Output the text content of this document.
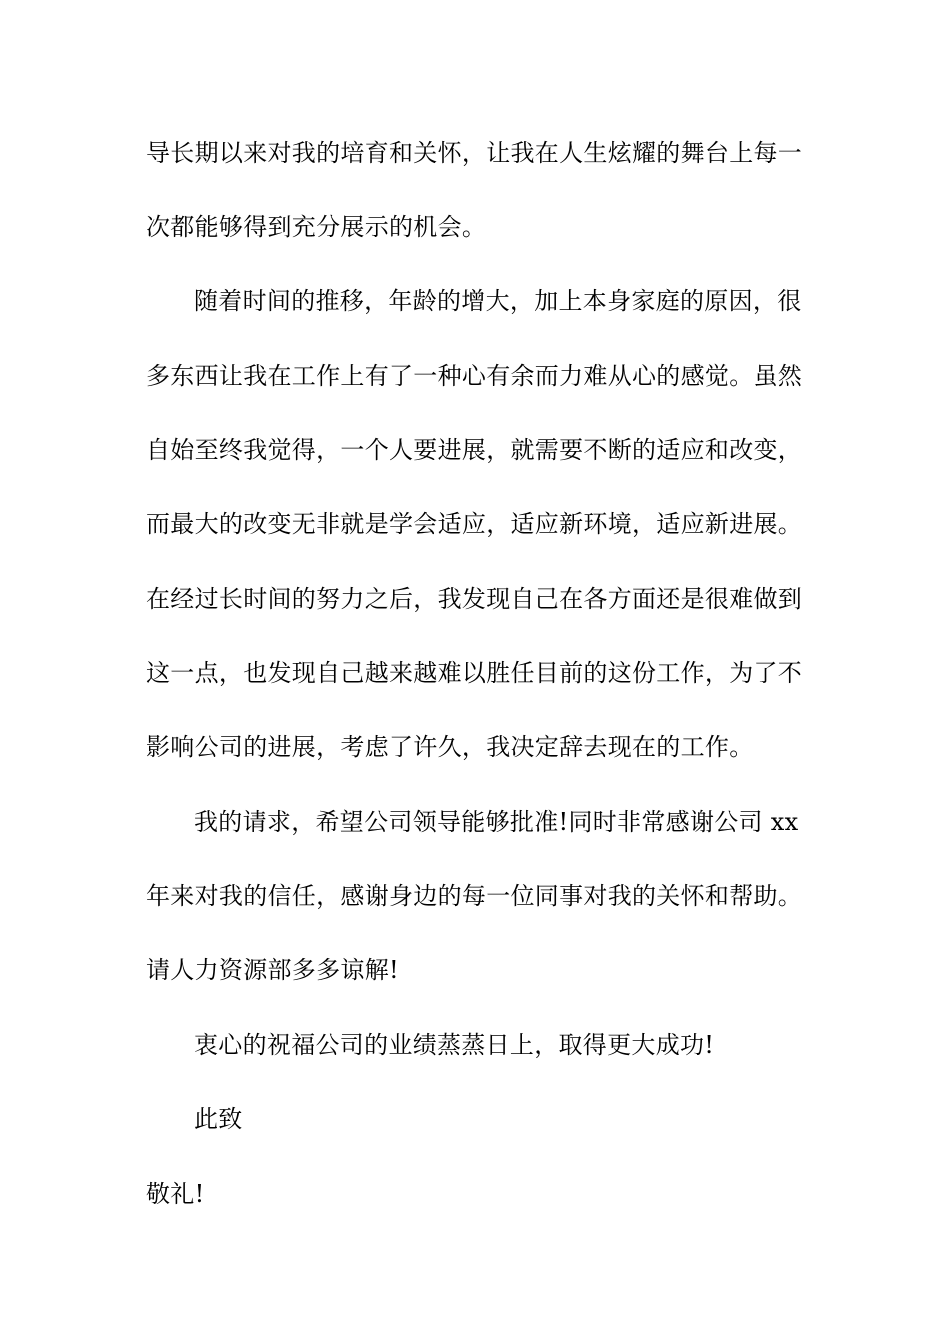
导长期以来对我的培育和关怀，让我在人生炫耀的舞台上每一
次都能够得到充分展示的机会。
随着时间的推移，年龄的增大，加上本身家庭的原因，很
多东西让我在工作上有了一种心有余而力难从心的感觉。虽然
自始至终我觉得，一个人要进展，就需要不断的适应和改变，
而最大的改变无非就是学会适应，适应新环境，适应新进展。
在经过长时间的努力之后，我发现自己在各方面还是很难做到
这一点，也发现自己越来越难以胜任目前的这份工作，为了不
影响公司的进展，考虑了许久，我决定辞去现在的工作。
我的请求，希望公司领导能够批准!同时非常感谢公司 xx
年来对我的信任，感谢身边的每一位同事对我的关怀和帮助。
请人力资源部多多谅解!
衷心的祝福公司的业绩蒸蒸日上，取得更大成功!
此致
敬礼!
